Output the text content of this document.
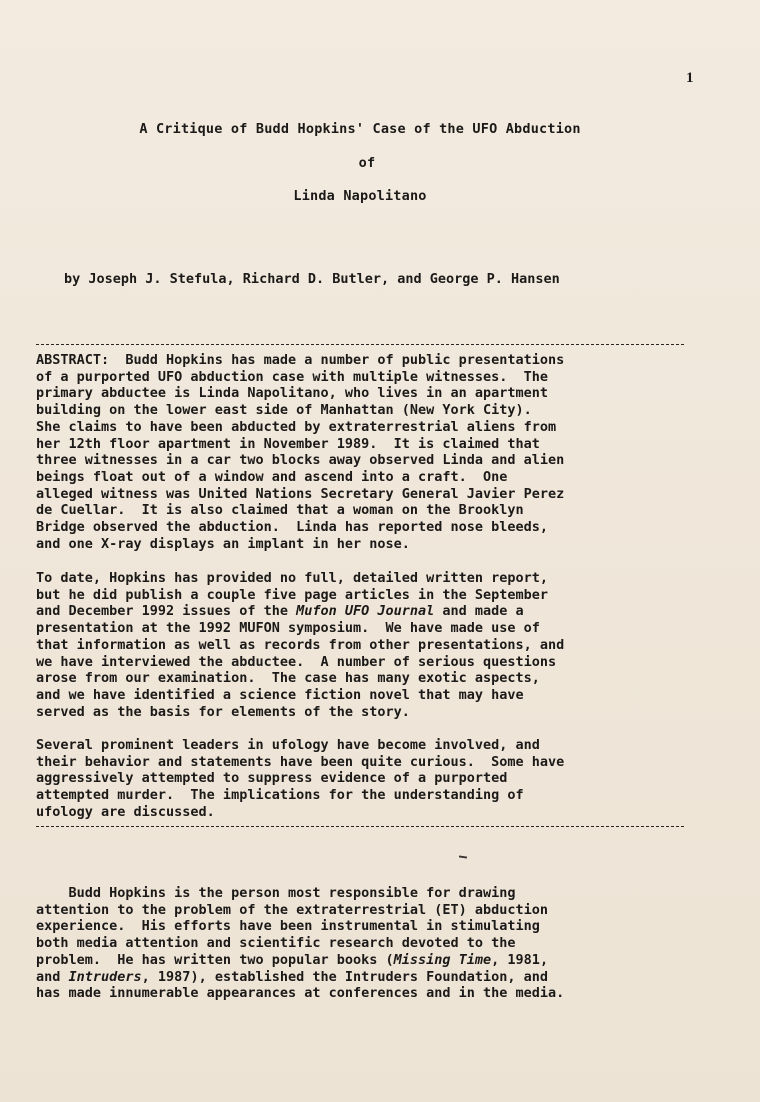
1
A Critique of Budd Hopkins' Case of the UFO Abduction
of
Linda Napolitano
by Joseph J. Stefula, Richard D. Butler, and George P. Hansen
ABSTRACT:  Budd Hopkins has made a number of public presentations
of a purported UFO abduction case with multiple witnesses.  The
primary abductee is Linda Napolitano, who lives in an apartment
building on the lower east side of Manhattan (New York City).
She claims to have been abducted by extraterrestrial aliens from
her 12th floor apartment in November 1989.  It is claimed that
three witnesses in a car two blocks away observed Linda and alien
beings float out of a window and ascend into a craft.  One
alleged witness was United Nations Secretary General Javier Perez
de Cuellar.  It is also claimed that a woman on the Brooklyn
Bridge observed the abduction.  Linda has reported nose bleeds,
and one X-ray displays an implant in her nose.
To date, Hopkins has provided no full, detailed written report,
but he did publish a couple five page articles in the September
and December 1992 issues of the Mufon UFO Journal and made a
presentation at the 1992 MUFON symposium.  We have made use of
that information as well as records from other presentations, and
we have interviewed the abductee.  A number of serious questions
arose from our examination.  The case has many exotic aspects,
and we have identified a science fiction novel that may have
served as the basis for elements of the story.
Several prominent leaders in ufology have become involved, and
their behavior and statements have been quite curious.  Some have
aggressively attempted to suppress evidence of a purported
attempted murder.  The implications for the understanding of
ufology are discussed.
Budd Hopkins is the person most responsible for drawing
attention to the problem of the extraterrestrial (ET) abduction
experience.  His efforts have been instrumental in stimulating
both media attention and scientific research devoted to the
problem.  He has written two popular books (Missing Time, 1981,
and Intruders, 1987), established the Intruders Foundation, and
has made innumerable appearances at conferences and in the media.
